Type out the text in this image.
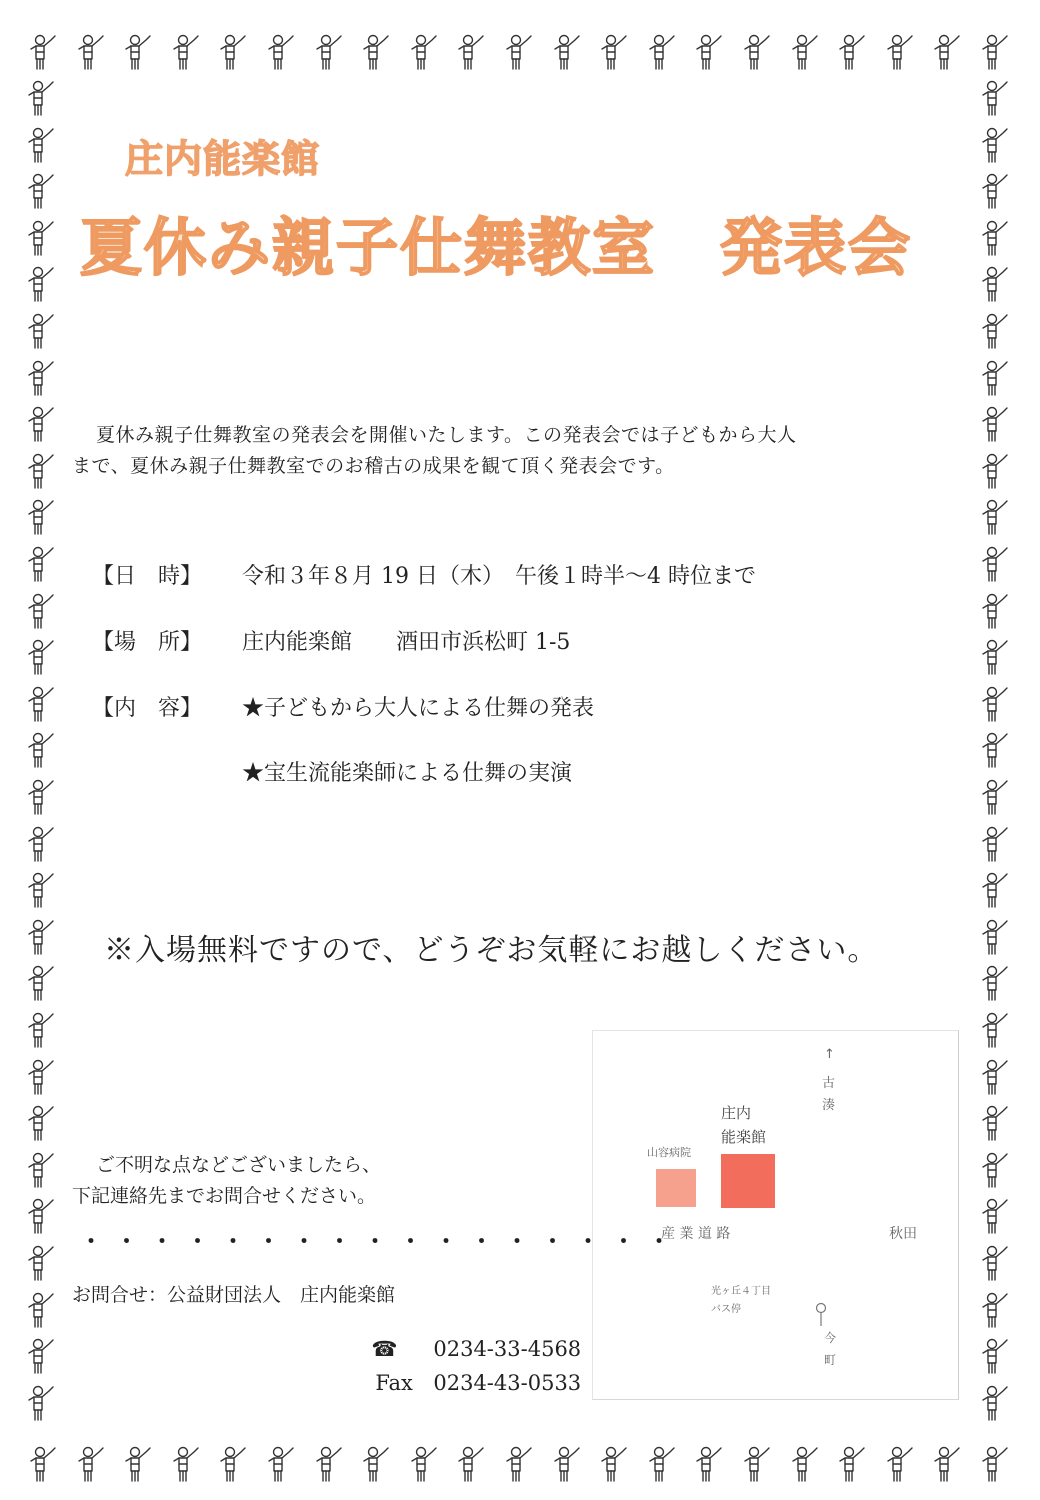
庄内能楽館
夏休み親子仕舞教室　発表会

夏休み親子仕舞教室の発表会を開催いたします。この発表会では子どもから大人

まで、夏休み親子仕舞教室でのお稽古の成果を観て頂く発表会です。

【日　時】 令和３年８月 19 日（木）　午後１時半～4 時位まで

【場　所】 庄内能楽館　　酒田市浜松町 1-5

【内　容】 ★子どもから大人による仕舞の発表

★宝生流能楽師による仕舞の実演

※入場無料ですので、どうぞお気軽にお越しください。
ご不明な点などございましたら、
下記連絡先までお問合せください。
・・・・・・・・・・・・・・・・・
お問合せ：公益財団法人　庄内能楽館

☎ 0234-33-4568

Fax 0234-43-0533

↑
古湊
庄内
能楽館
山容病院
産 業 道 路	秋田
光ヶ丘４丁目
バス停

今町
